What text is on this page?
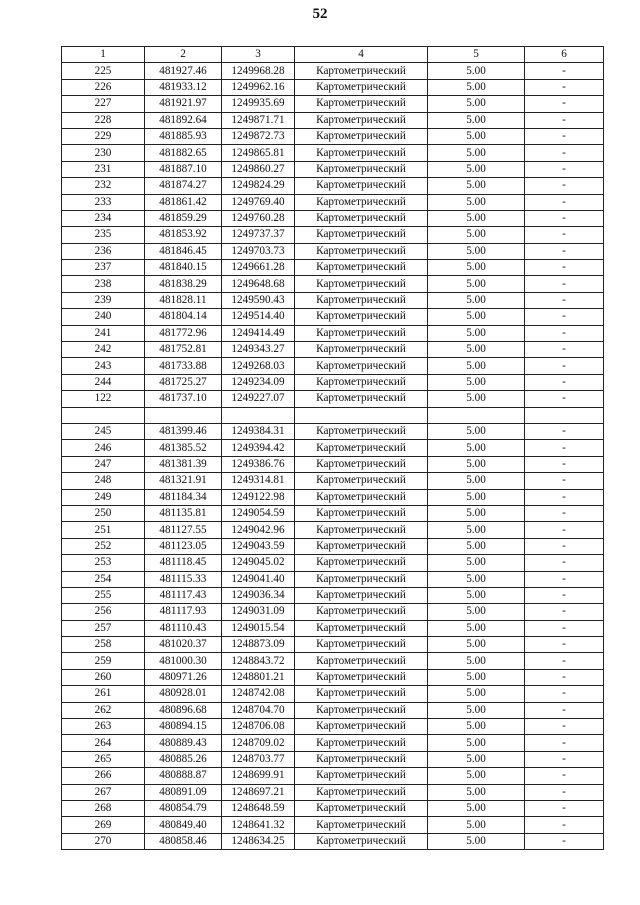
52
1	2	3	4	5	6
225	481927.46	1249968.28	Картометрический	5.00	-
226	481933.12	1249962.16	Картометрический	5.00	-
227	481921.97	1249935.69	Картометрический	5.00	-
228	481892.64	1249871.71	Картометрический	5.00	-
229	481885.93	1249872.73	Картометрический	5.00	-
230	481882.65	1249865.81	Картометрический	5.00	-
231	481887.10	1249860.27	Картометрический	5.00	-
232	481874.27	1249824.29	Картометрический	5.00	-
233	481861.42	1249769.40	Картометрический	5.00	-
234	481859.29	1249760.28	Картометрический	5.00	-
235	481853.92	1249737.37	Картометрический	5.00	-
236	481846.45	1249703.73	Картометрический	5.00	-
237	481840.15	1249661.28	Картометрический	5.00	-
238	481838.29	1249648.68	Картометрический	5.00	-
239	481828.11	1249590.43	Картометрический	5.00	-
240	481804.14	1249514.40	Картометрический	5.00	-
241	481772.96	1249414.49	Картометрический	5.00	-
242	481752.81	1249343.27	Картометрический	5.00	-
243	481733.88	1249268.03	Картометрический	5.00	-
244	481725.27	1249234.09	Картометрический	5.00	-
122	481737.10	1249227.07	Картометрический	5.00	-

245	481399.46	1249384.31	Картометрический	5.00	-
246	481385.52	1249394.42	Картометрический	5.00	-
247	481381.39	1249386.76	Картометрический	5.00	-
248	481321.91	1249314.81	Картометрический	5.00	-
249	481184.34	1249122.98	Картометрический	5.00	-
250	481135.81	1249054.59	Картометрический	5.00	-
251	481127.55	1249042.96	Картометрический	5.00	-
252	481123.05	1249043.59	Картометрический	5.00	-
253	481118.45	1249045.02	Картометрический	5.00	-
254	481115.33	1249041.40	Картометрический	5.00	-
255	481117.43	1249036.34	Картометрический	5.00	-
256	481117.93	1249031.09	Картометрический	5.00	-
257	481110.43	1249015.54	Картометрический	5.00	-
258	481020.37	1248873.09	Картометрический	5.00	-
259	481000.30	1248843.72	Картометрический	5.00	-
260	480971.26	1248801.21	Картометрический	5.00	-
261	480928.01	1248742.08	Картометрический	5.00	-
262	480896.68	1248704.70	Картометрический	5.00	-
263	480894.15	1248706.08	Картометрический	5.00	-
264	480889.43	1248709.02	Картометрический	5.00	-
265	480885.26	1248703.77	Картометрический	5.00	-
266	480888.87	1248699.91	Картометрический	5.00	-
267	480891.09	1248697.21	Картометрический	5.00	-
268	480854.79	1248648.59	Картометрический	5.00	-
269	480849.40	1248641.32	Картометрический	5.00	-
270	480858.46	1248634.25	Картометрический	5.00	-
